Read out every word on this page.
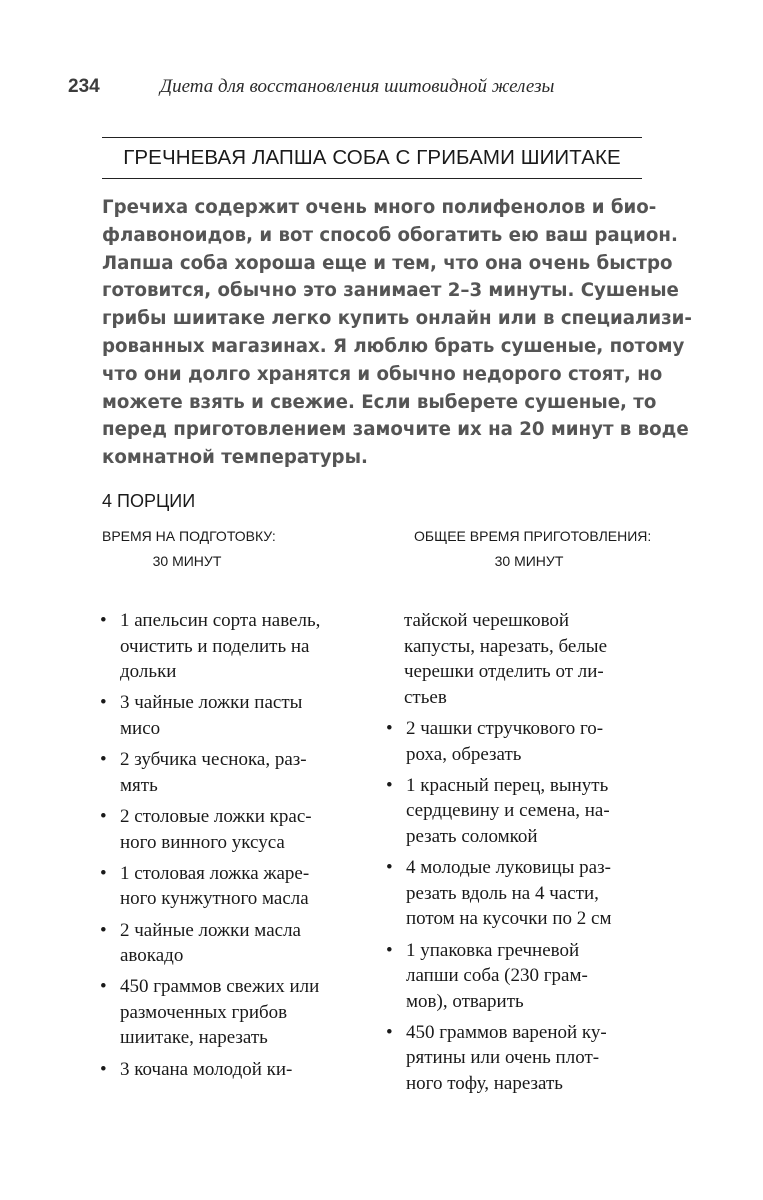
234	Диета для восстановления шитовидной железы
ГРЕЧНЕВАЯ ЛАПША СОБА С ГРИБАМИ ШИИТАКЕ
Гречиха содержит очень много полифенолов и био-
флавоноидов, и вот способ обогатить ею ваш рацион.
Лапша соба хороша еще и тем, что она очень быстро
готовится, обычно это занимает 2–3 минуты. Сушеные
грибы шиитаке легко купить онлайн или в специализи-
рованных магазинах. Я люблю брать сушеные, потому
что они долго хранятся и обычно недорого стоят, но
можете взять и свежие. Если выберете сушеные, то
перед приготовлением замочите их на 20 минут в воде
комнатной температуры.
4 ПОРЦИИ
ВРЕМЯ НА ПОДГОТОВКУ:
30 МИНУТ
ОБЩЕЕ ВРЕМЯ ПРИГОТОВЛЕНИЯ:
30 МИНУТ
• 1 апельсин сорта навель,
очистить и поделить на
дольки
• 3 чайные ложки пасты
мисо
• 2 зубчика чеснока, раз-
мять
• 2 столовые ложки крас-
ного винного уксуса
• 1 столовая ложка жаре-
ного кунжутного масла
• 2 чайные ложки масла
авокадо
• 450 граммов свежих или
размоченных грибов
шиитаке, нарезать
• 3 кочана молодой ки-
тайской черешковой
капусты, нарезать, белые
черешки отделить от ли-
стьев
• 2 чашки стручкового го-
роха, обрезать
• 1 красный перец, вынуть
сердцевину и семена, на-
резать соломкой
• 4 молодые луковицы раз-
резать вдоль на 4 части,
потом на кусочки по 2 см
• 1 упаковка гречневой
лапши соба (230 грам-
мов), отварить
• 450 граммов вареной ку-
рятины или очень плот-
ного тофу, нарезать
